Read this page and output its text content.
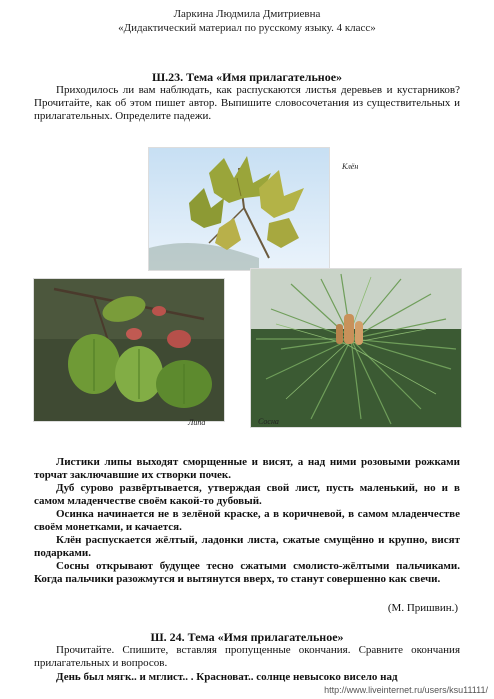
Ларкина Людмила Дмитриевна
«Дидактический материал по русскому языку. 4 класс»
Ш.23. Тема «Имя прилагательное»

Приходилось ли вам наблюдать, как распускаются листья деревьев и кустарников? Прочитайте, как об этом пишет автор. Выпишите словосочетания из существительных и прилагательных. Определите падежи.

Клён
Липа	Сосна

Листики липы выходят сморщенные и висят, а над ними розовыми рожками торчат заключавшие их створки почек.

Дуб сурово развёртывается, утверждая свой лист, пусть маленький, но и в самом младенчестве своём какой-то дубовый.

Осинка начинается не в зелёной краске, а в коричневой, в самом младенчестве своём монетками, и качается.

Клён распускается жёлтый, ладонки листа, сжатые смущённо и крупно, висят подарками.

Сосны открывают будущее тесно сжатыми смолисто-жёлтыми пальчиками. Когда пальчики разожмутся и вытянутся вверх, то станут совершенно как свечи.

(М. Пришвин.)
Ш. 24. Тема «Имя прилагательное»

Прочитайте. Спишите, вставляя пропущенные окончания. Сравните окончания прилагательных и вопросов.

День был мягк.. и мглист.. . Красноват.. солнце невысоко висело над

http://www.liveinternet.ru/users/ksu11111/
